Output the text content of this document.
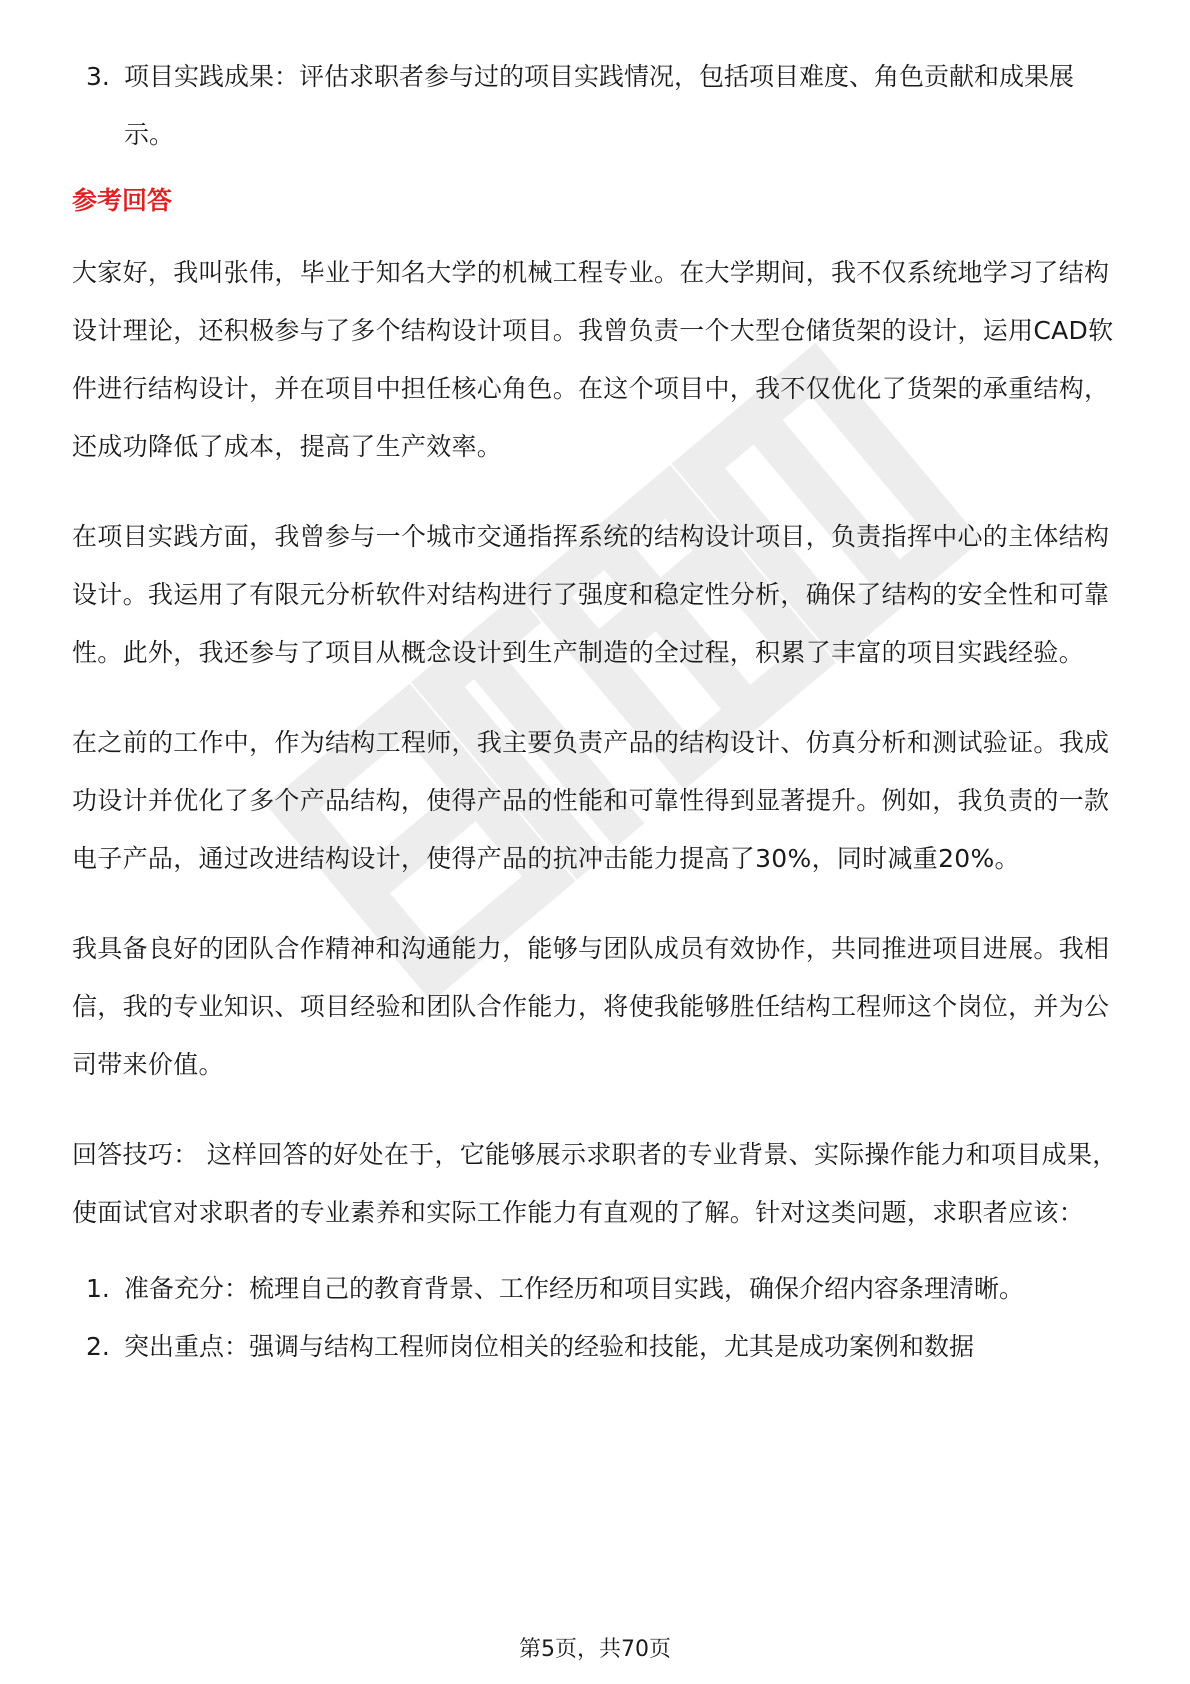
3. 项目实践成果：评估求职者参与过的项目实践情况，包括项目难度、角色贡献和成果展示。

参考回答

大家好，我叫张伟，毕业于知名大学的机械工程专业。在大学期间，我不仅系统地学习了结构设计理论，还积极参与了多个结构设计项目。我曾负责一个大型仓储货架的设计，运用CAD软件进行结构设计，并在项目中担任核心角色。在这个项目中，我不仅优化了货架的承重结构，还成功降低了成本，提高了生产效率。

在项目实践方面，我曾参与一个城市交通指挥系统的结构设计项目，负责指挥中心的主体结构设计。我运用了有限元分析软件对结构进行了强度和稳定性分析，确保了结构的安全性和可靠性。此外，我还参与了项目从概念设计到生产制造的全过程，积累了丰富的项目实践经验。

在之前的工作中，作为结构工程师，我主要负责产品的结构设计、仿真分析和测试验证。我成功设计并优化了多个产品结构，使得产品的性能和可靠性得到显著提升。例如，我负责的一款电子产品，通过改进结构设计，使得产品的抗冲击能力提高了30%，同时减重20%。

我具备良好的团队合作精神和沟通能力，能够与团队成员有效协作，共同推进项目进展。我相信，我的专业知识、项目经验和团队合作能力，将使我能够胜任结构工程师这个岗位，并为公司带来价值。

回答技巧： 这样回答的好处在于，它能够展示求职者的专业背景、实际操作能力和项目成果，使面试官对求职者的专业素养和实际工作能力有直观的了解。针对这类问题，求职者应该：

1. 准备充分：梳理自己的教育背景、工作经历和项目实践，确保介绍内容条理清晰。

2. 突出重点：强调与结构工程师岗位相关的经验和技能，尤其是成功案例和数据

第5页，共70页
